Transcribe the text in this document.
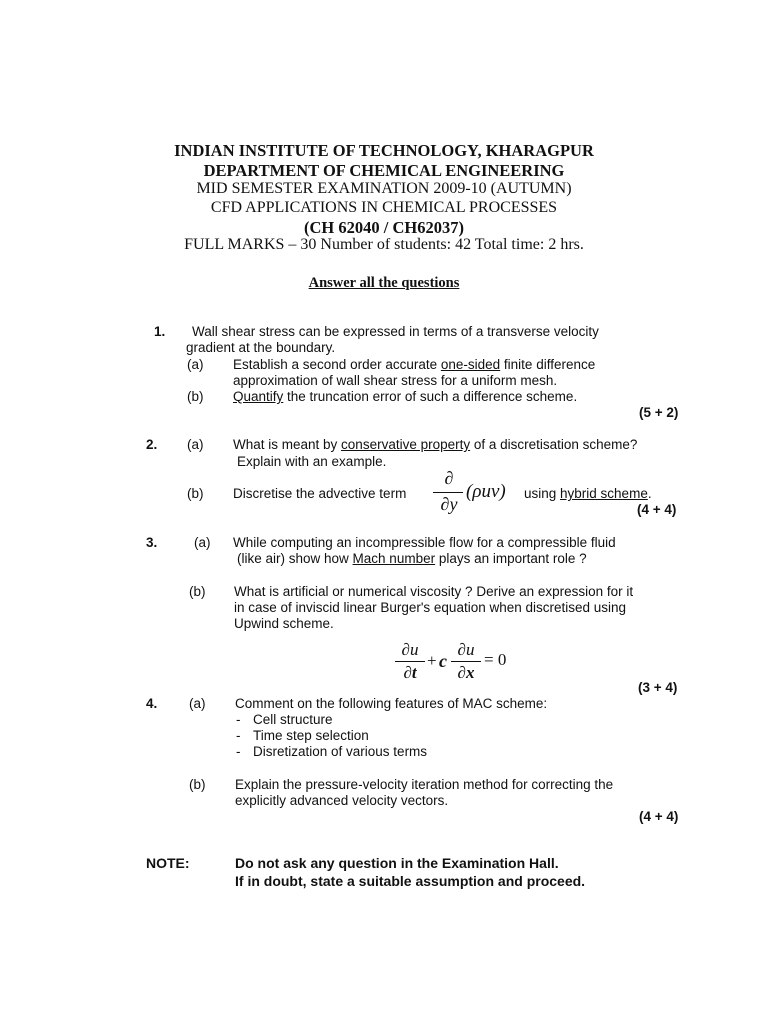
INDIAN INSTITUTE OF TECHNOLOGY, KHARAGPUR
DEPARTMENT OF CHEMICAL ENGINEERING
MID SEMESTER EXAMINATION 2009-10 (AUTUMN)
CFD APPLICATIONS IN CHEMICAL PROCESSES
(CH 62040 / CH62037)
FULL MARKS – 30 Number of students: 42 Total time: 2 hrs.
Answer all the questions
1. Wall shear stress can be expressed in terms of a transverse velocity
gradient at the boundary.
(a) Establish a second order accurate one-sided finite difference
approximation of wall shear stress for a uniform mesh.
(b) Quantify the truncation error of such a difference scheme.
(5 + 2)
2. (a) What is meant by conservative property of a discretisation scheme?
Explain with an example.
(b) Discretise the advective term
∂
∂y
(ρuv) using hybrid scheme.
(4 + 4)
3.	(a) While computing an incompressible flow for a compressible fluid
(like air) show how Mach number plays an important role ?
(b) What is artificial or numerical viscosity ? Derive an expression for it
in case of inviscid linear Burger's equation when discretised using
Upwind scheme.
∂u
∂t
+ c
∂u
∂x
= 0
(3 + 4)
4. (a) Comment on the following features of MAC scheme:
- Cell structure
- Time step selection
- Disretization of various terms
(b) Explain the pressure-velocity iteration method for correcting the
explicitly advanced velocity vectors.
(4 + 4)
NOTE:	Do not ask any question in the Examination Hall.
If in doubt, state a suitable assumption and proceed.
